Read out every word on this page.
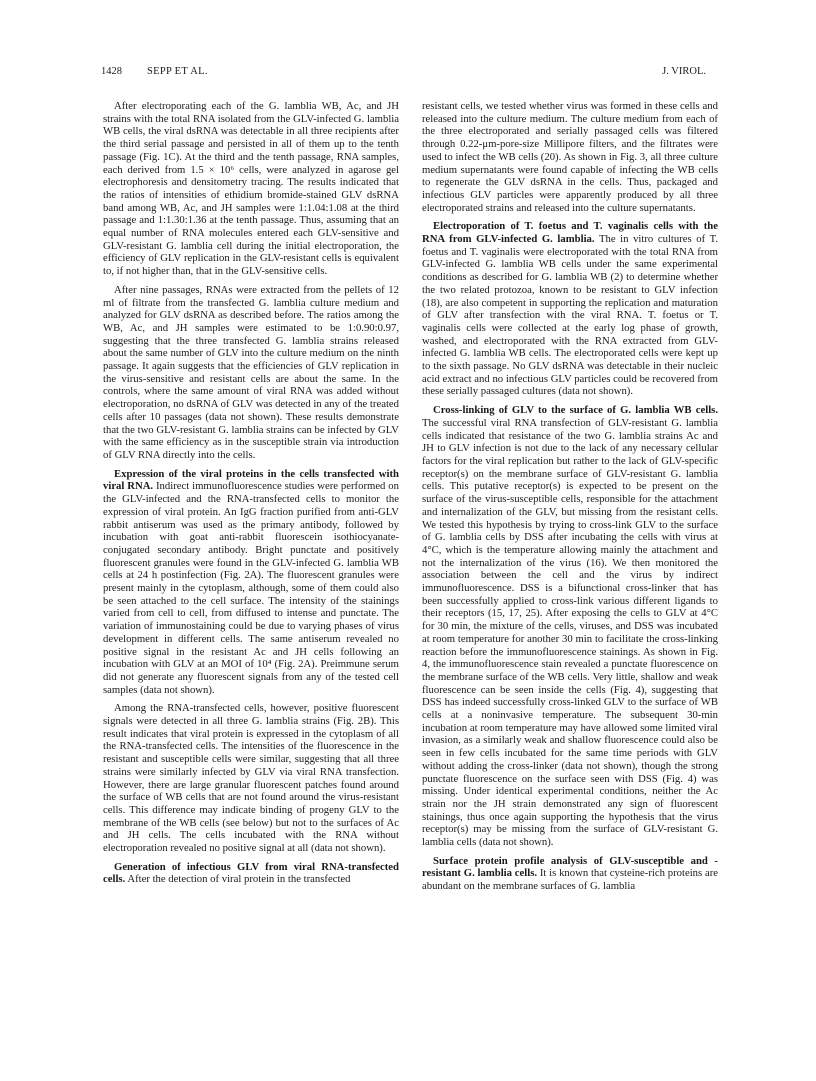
1428 SEPP ET AL.	J. VIROL.

After electroporating each of the G. lamblia WB, Ac, and JH strains with the total RNA isolated from the GLV-infected G. lamblia WB cells, the viral dsRNA was detectable in all three recipients after the third serial passage and persisted in all of them up to the tenth passage (Fig. 1C). At the third and the tenth passage, RNA samples, each derived from 1.5 × 10⁶ cells, were analyzed in agarose gel electrophoresis and densitometry tracing. The results indicated that the ratios of intensities of ethidium bromide-stained GLV dsRNA band among WB, Ac, and JH samples were 1:1.04:1.08 at the third passage and 1:1.30:1.36 at the tenth passage. Thus, assuming that an equal number of RNA molecules entered each GLV-sensitive and GLV-resistant G. lamblia cell during the initial electroporation, the efficiency of GLV replication in the GLV-resistant cells is equivalent to, if not higher than, that in the GLV-sensitive cells.

After nine passages, RNAs were extracted from the pellets of 12 ml of filtrate from the transfected G. lamblia culture medium and analyzed for GLV dsRNA as described before. The ratios among the WB, Ac, and JH samples were estimated to be 1:0.90:0.97, suggesting that the three transfected G. lamblia strains released about the same number of GLV into the culture medium on the ninth passage. It again suggests that the efficiencies of GLV replication in the virus-sensitive and resistant cells are about the same. In the controls, where the same amount of viral RNA was added without electroporation, no dsRNA of GLV was detected in any of the treated cells after 10 passages (data not shown). These results demonstrate that the two GLV-resistant G. lamblia strains can be infected by GLV with the same efficiency as in the susceptible strain via introduction of GLV RNA directly into the cells.

Expression of the viral proteins in the cells transfected with viral RNA. Indirect immunofluorescence studies were performed on the GLV-infected and the RNA-transfected cells to monitor the expression of viral protein. An IgG fraction purified from anti-GLV rabbit antiserum was used as the primary antibody, followed by incubation with goat anti-rabbit fluorescein isothiocyanate-conjugated secondary antibody. Bright punctate and positively fluorescent granules were found in the GLV-infected G. lamblia WB cells at 24 h postinfection (Fig. 2A). The fluorescent granules were present mainly in the cytoplasm, although, some of them could also be seen attached to the cell surface. The intensity of the stainings varied from cell to cell, from diffused to intense and punctate. The variation of immunostaining could be due to varying phases of virus development in different cells. The same antiserum revealed no positive signal in the resistant Ac and JH cells following an incubation with GLV at an MOI of 10⁴ (Fig. 2A). Preimmune serum did not generate any fluorescent signals from any of the tested cell samples (data not shown).

Among the RNA-transfected cells, however, positive fluorescent signals were detected in all three G. lamblia strains (Fig. 2B). This result indicates that viral protein is expressed in the cytoplasm of all the RNA-transfected cells. The intensities of the fluorescence in the resistant and susceptible cells were similar, suggesting that all three strains were similarly infected by GLV via viral RNA transfection. However, there are large granular fluorescent patches found around the surface of WB cells that are not found around the virus-resistant cells. This difference may indicate binding of progeny GLV to the membrane of the WB cells (see below) but not to the surfaces of Ac and JH cells. The cells incubated with the RNA without electroporation revealed no positive signal at all (data not shown).

Generation of infectious GLV from viral RNA-transfected cells. After the detection of viral protein in the transfected

resistant cells, we tested whether virus was formed in these cells and released into the culture medium. The culture medium from each of the three electroporated and serially passaged cells was filtered through 0.22-μm-pore-size Millipore filters, and the filtrates were used to infect the WB cells (20). As shown in Fig. 3, all three culture medium supernatants were found capable of infecting the WB cells to regenerate the GLV dsRNA in the cells. Thus, packaged and infectious GLV particles were apparently produced by all three electroporated strains and released into the culture supernatants.

Electroporation of T. foetus and T. vaginalis cells with the RNA from GLV-infected G. lamblia. The in vitro cultures of T. foetus and T. vaginalis were electroporated with the total RNA from GLV-infected G. lamblia WB cells under the same experimental conditions as described for G. lamblia WB (2) to determine whether the two related protozoa, known to be resistant to GLV infection (18), are also competent in supporting the replication and maturation of GLV after transfection with the viral RNA. T. foetus or T. vaginalis cells were collected at the early log phase of growth, washed, and electroporated with the RNA extracted from GLV-infected G. lamblia WB cells. The electroporated cells were kept up to the sixth passage. No GLV dsRNA was detectable in their nucleic acid extract and no infectious GLV particles could be recovered from these serially passaged cultures (data not shown).

Cross-linking of GLV to the surface of G. lamblia WB cells. The successful viral RNA transfection of GLV-resistant G. lamblia cells indicated that resistance of the two G. lamblia strains Ac and JH to GLV infection is not due to the lack of any necessary cellular factors for the viral replication but rather to the lack of GLV-specific receptor(s) on the membrane surface of GLV-resistant G. lamblia cells. This putative receptor(s) is expected to be present on the surface of the virus-susceptible cells, responsible for the attachment and internalization of the GLV, but missing from the resistant cells. We tested this hypothesis by trying to cross-link GLV to the surface of G. lamblia cells by DSS after incubating the cells with virus at 4°C, which is the temperature allowing mainly the attachment and not the internalization of the virus (16). We then monitored the association between the cell and the virus by indirect immunofluorescence. DSS is a bifunctional cross-linker that has been successfully applied to cross-link various different ligands to their receptors (15, 17, 25). After exposing the cells to GLV at 4°C for 30 min, the mixture of the cells, viruses, and DSS was incubated at room temperature for another 30 min to facilitate the cross-linking reaction before the immunofluorescence stainings. As shown in Fig. 4, the immunofluorescence stain revealed a punctate fluorescence on the membrane surface of the WB cells. Very little, shallow and weak fluorescence can be seen inside the cells (Fig. 4), suggesting that DSS has indeed successfully cross-linked GLV to the surface of WB cells at a noninvasive temperature. The subsequent 30-min incubation at room temperature may have allowed some limited viral invasion, as a similarly weak and shallow fluorescence could also be seen in few cells incubated for the same time periods with GLV without adding the cross-linker (data not shown), though the strong punctate fluorescence on the surface seen with DSS (Fig. 4) was missing. Under identical experimental conditions, neither the Ac strain nor the JH strain demonstrated any sign of fluorescent stainings, thus once again supporting the hypothesis that the virus receptor(s) may be missing from the surface of GLV-resistant G. lamblia cells (data not shown).

Surface protein profile analysis of GLV-susceptible and -resistant G. lamblia cells. It is known that cysteine-rich proteins are abundant on the membrane surfaces of G. lamblia
